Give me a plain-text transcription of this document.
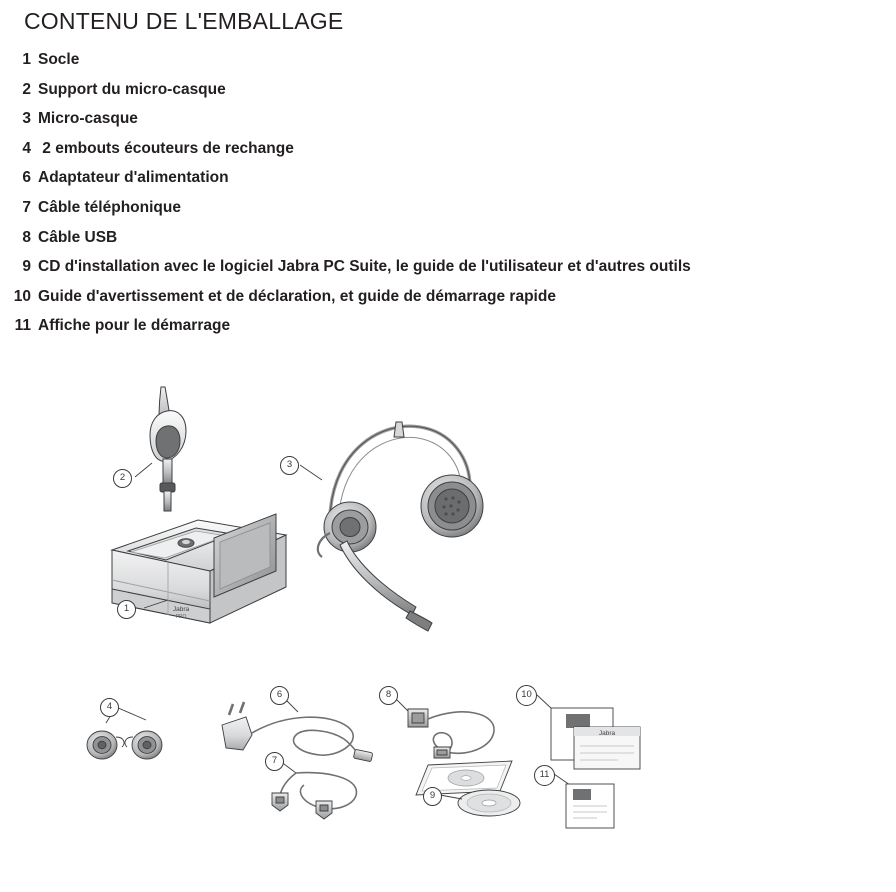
CONTENU DE L'EMBALLAGE
1 Socle
2 Support du micro-casque
3 Micro-casque
4 2 embouts écouteurs de rechange
6 Adaptateur d'alimentation
7 Câble téléphonique
8 Câble USB
9 CD d'installation avec le logiciel Jabra PC Suite, le guide de l'utilisateur et d'autres outils
10 Guide d'avertissement et de déclaration, et guide de démarrage rapide
11 Affiche pour le démarrage
Jabra
PRO
Jabra
2
3
1
4
6
7
8
9
10
11
